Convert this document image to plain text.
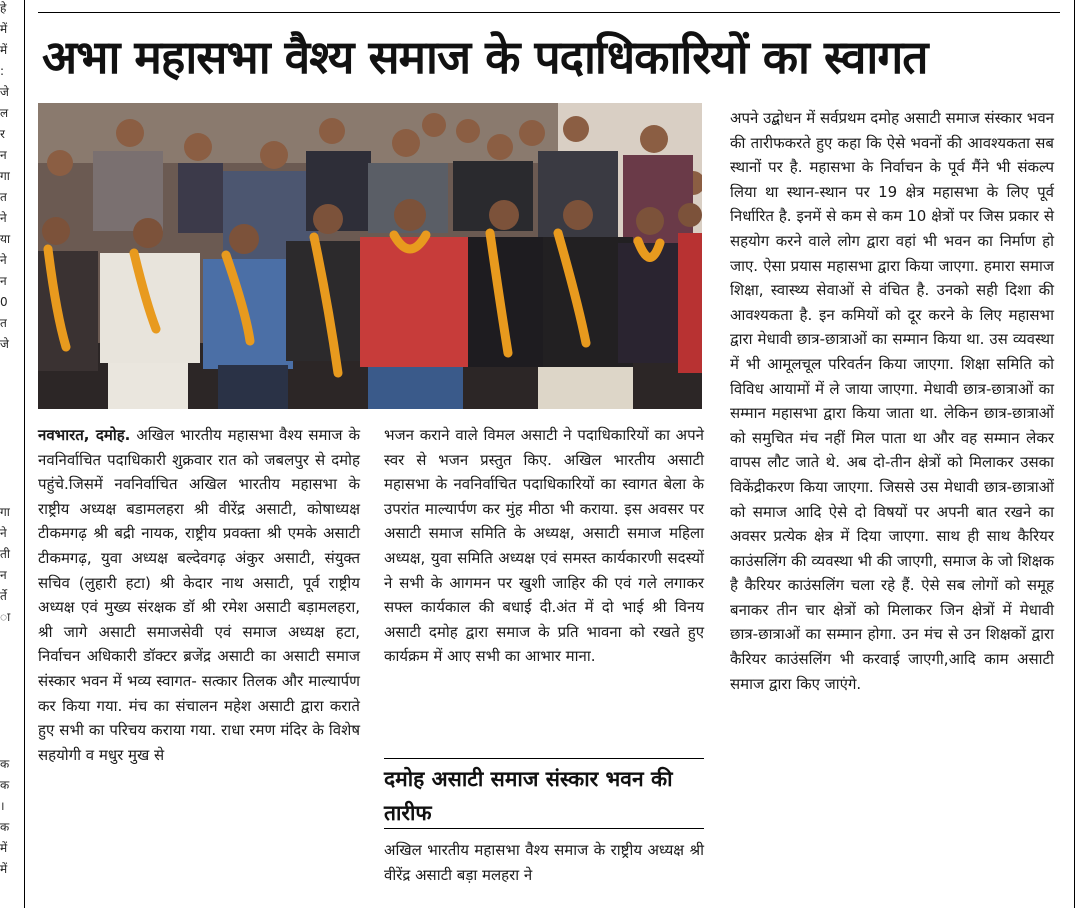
हे
में
में
:
जे
ल
र
न
गा
त
ने
या
ने
न
0
त
जे
गा
ने
ती
न
र्ते
ा
क
क
।
क
में
में
अभा महासभा वैश्य समाज के पदाधिकारियों का स्वागत

नवभारत, दमोह. अखिल भारतीय महासभा वैश्य समाज के नवनिर्वाचित पदाधिकारी शुक्रवार रात को जबलपुर से दमोह पहुंचे.जिसमें नवनिर्वाचित अखिल भारतीय महासभा के राष्ट्रीय अध्यक्ष बडामलहरा श्री वीरेंद्र असाटी, कोषाध्यक्ष टीकमगढ़ श्री बद्री नायक, राष्ट्रीय प्रवक्ता श्री एमके असाटी टीकमगढ़, युवा अध्यक्ष बल्देवगढ़ अंकुर असाटी, संयुक्त सचिव (लुहारी हटा) श्री केदार नाथ असाटी, पूर्व राष्ट्रीय अध्यक्ष एवं मुख्य संरक्षक डॉ श्री रमेश असाटी बड़ामलहरा, श्री जागे असाटी समाजसेवी एवं समाज अध्यक्ष हटा, निर्वाचन अधिकारी डॉक्टर ब्रजेंद्र असाटी का असाटी समाज संस्कार भवन में भव्य स्वागत- सत्कार तिलक और माल्यार्पण कर किया गया. मंच का संचालन महेश असाटी द्वारा कराते हुए सभी का परिचय कराया गया. राधा रमण मंदिर के विशेष सहयोगी व मधुर मुख से

भजन कराने वाले विमल असाटी ने पदाधिकारियों का अपने स्वर से भजन प्रस्तुत किए. अखिल भारतीय असाटी महासभा के नवनिर्वाचित पदाधिकारियों का स्वागत बेला के उपरांत माल्यार्पण कर मुंह मीठा भी कराया. इस अवसर पर असाटी समाज समिति के अध्यक्ष, असाटी समाज महिला अध्यक्ष, युवा समिति अध्यक्ष एवं समस्त कार्यकारणी सदस्यों ने सभी के आगमन पर खुशी जाहिर की एवं गले लगाकर सफ्ल कार्यकाल की बधाई दी.अंत में दो भाई श्री विनय असाटी दमोह द्वारा समाज के प्रति भावना को रखते हुए कार्यक्रम में आए सभी का आभार माना.

दमोह असाटी समाज संस्कार भवन की तारीफ

अखिल भारतीय महासभा वैश्य समाज के राष्ट्रीय अध्यक्ष श्री वीरेंद्र असाटी बड़ा मलहरा ने

अपने उद्बोधन में सर्वप्रथम दमोह असाटी समाज संस्कार भवन की तारीफकरते हुए कहा कि ऐसे भवनों की आवश्यकता सब स्थानों पर है. महासभा के निर्वाचन के पूर्व मैंने भी संकल्प लिया था स्थान-स्थान पर 19 क्षेत्र महासभा के लिए पूर्व निर्धारित है. इनमें से कम से कम 10 क्षेत्रों पर जिस प्रकार से सहयोग करने वाले लोग द्वारा वहां भी भवन का निर्माण हो जाए. ऐसा प्रयास महासभा द्वारा किया जाएगा. हमारा समाज शिक्षा, स्वास्थ्य सेवाओं से वंचित है. उनको सही दिशा की आवश्यकता है. इन कमियों को दूर करने के लिए महासभा द्वारा मेधावी छात्र-छात्राओं का सम्मान किया था. उस व्यवस्था में भी आमूलचूल परिवर्तन किया जाएगा. शिक्षा समिति को विविध आयामों में ले जाया जाएगा. मेधावी छात्र-छात्राओं का सम्मान महासभा द्वारा किया जाता था. लेकिन छात्र-छात्राओं को समुचित मंच नहीं मिल पाता था और वह सम्मान लेकर वापस लौट जाते थे. अब दो-तीन क्षेत्रों को मिलाकर उसका विकेंद्रीकरण किया जाएगा. जिससे उस मेधावी छात्र-छात्राओं को समाज आदि ऐसे दो विषयों पर अपनी बात रखने का अवसर प्रत्येक क्षेत्र में दिया जाएगा. साथ ही साथ कैरियर काउंसलिंग की व्यवस्था भी की जाएगी, समाज के जो शिक्षक है कैरियर काउंसलिंग चला रहे हैं. ऐसे सब लोगों को समूह बनाकर तीन चार क्षेत्रों को मिलाकर जिन क्षेत्रों में मेधावी छात्र-छात्राओं का सम्मान होगा. उन मंच से उन शिक्षकों द्वारा कैरियर काउंसलिंग भी करवाई जाएगी,आदि काम असाटी समाज द्वारा किए जाएंगे.
